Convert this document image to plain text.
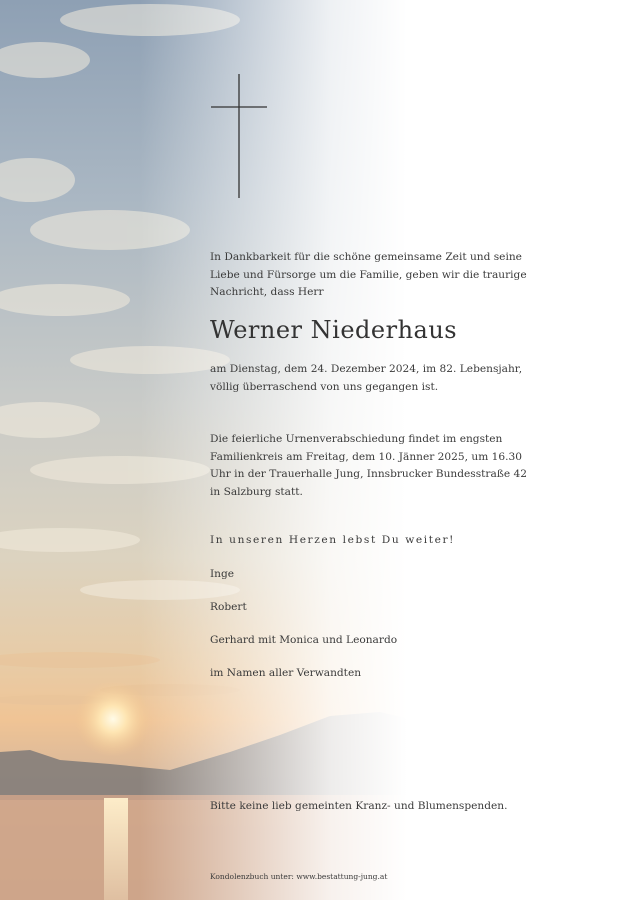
In Dankbarkeit für die schöne gemeinsame Zeit und seine Liebe und Fürsorge um die Familie, geben wir die traurige Nachricht, dass Herr
Werner Niederhaus
am Dienstag, dem 24. Dezember 2024, im 82. Lebensjahr, völlig überraschend von uns gegangen ist.
Die feierliche Urnenverabschiedung findet im engsten Familienkreis am Freitag, dem 10. Jänner 2025, um 16.30 Uhr in der Trauerhalle Jung, Innsbrucker Bundesstraße 42 in Salzburg statt.
In unseren Herzen lebst Du weiter!
Inge
Robert
Gerhard mit Monica und Leonardo
im Namen aller Verwandten
Bitte keine lieb gemeinten Kranz- und Blumenspenden.
Kondolenzbuch unter: www.bestattung-jung.at
